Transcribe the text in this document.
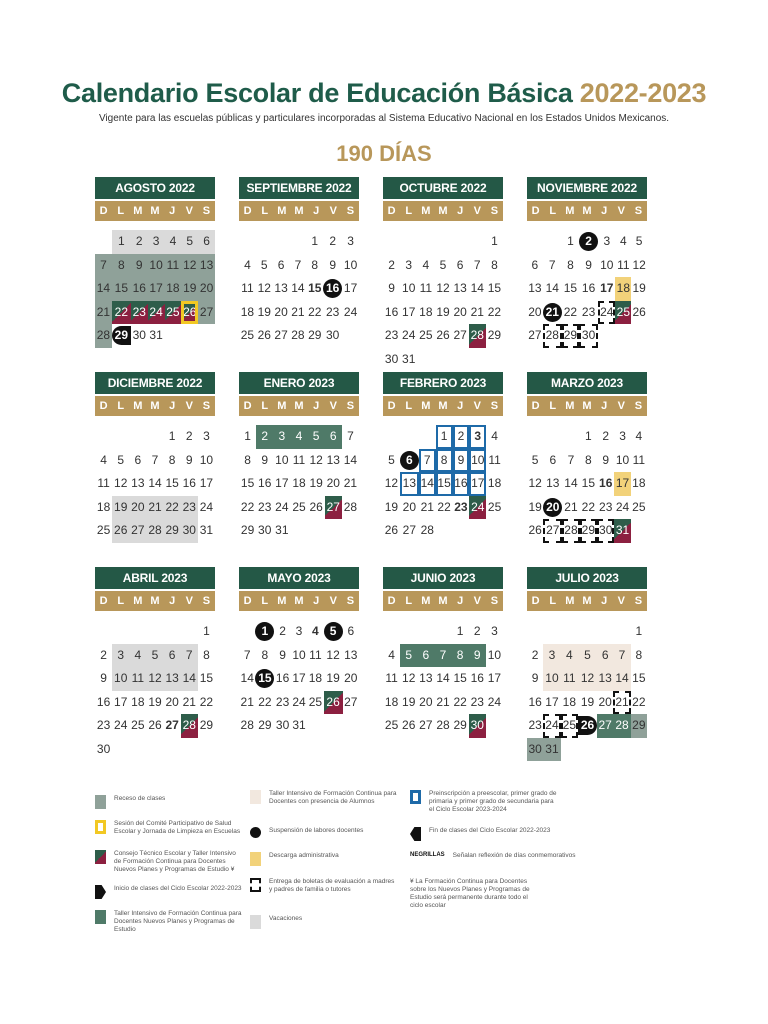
Calendario Escolar de Educación Básica 2022-2023
Vigente para las escuelas públicas y particulares incorporadas al Sistema Educativo Nacional en los Estados Unidos Mexicanos.
190 DÍAS
AGOSTO 2022
D L M M J V S
1 2 3 4 5 6
7 8 9 10 11 12 13
14 15 16 17 18 19 20
21 22 23 24 25 26 27
28 29 30 31
SEPTIEMBRE 2022
D L M M J V S
1 2 3
4 5 6 7 8 9 10
11 12 13 14 15 16 17
18 19 20 21 22 23 24
25 26 27 28 29 30
OCTUBRE 2022
D L M M J V S
1
2 3 4 5 6 7 8
9 10 11 12 13 14 15
16 17 18 19 20 21 22
23 24 25 26 27 28 29
30 31
NOVIEMBRE 2022
D L M M J V S
1 2 3 4 5
6 7 8 9 10 11 12
13 14 15 16 17 18 19
20 21 22 23 24 25 26
27 28 29 30
DICIEMBRE 2022
D L M M J V S
1 2 3
4 5 6 7 8 9 10
11 12 13 14 15 16 17
18 19 20 21 22 23 24
25 26 27 28 29 30 31
ENERO 2023
D L M M J V S
1 2 3 4 5 6 7
8 9 10 11 12 13 14
15 16 17 18 19 20 21
22 23 24 25 26 27 28
29 30 31
FEBRERO 2023
D L M M J V S
1 2 3 4
5 6 7 8 9 10 11
12 13 14 15 16 17 18
19 20 21 22 23 24 25
26 27 28
MARZO 2023
D L M M J V S
1 2 3 4
5 6 7 8 9 10 11
12 13 14 15 16 17 18
19 20 21 22 23 24 25
26 27 28 29 30 31
ABRIL 2023
D L M M J V S
1
2 3 4 5 6 7 8
9 10 11 12 13 14 15
16 17 18 19 20 21 22
23 24 25 26 27 28 29
30
MAYO 2023
D L M M J V S
1 2 3 4 5 6
7 8 9 10 11 12 13
14 15 16 17 18 19 20
21 22 23 24 25 26 27
28 29 30 31
JUNIO 2023
D L M M J V S
1 2 3
4 5 6 7 8 9 10
11 12 13 14 15 16 17
18 19 20 21 22 23 24
25 26 27 28 29 30
JULIO 2023
D L M M J V S
1
2 3 4 5 6 7 8
9 10 11 12 13 14 15
16 17 18 19 20 21 22
23 24 25 26 27 28 29
30 31
Receso de clases
Sesión del Comité Participativo de Salud Escolar y Jornada de Limpieza en Escuelas
Consejo Técnico Escolar y Taller Intensivo de Formación Continua para Docentes Nuevos Planes y Programas de Estudio ¥
Inicio de clases del Ciclo Escolar 2022-2023
Taller Intensivo de Formación Continua para Docentes Nuevos Planes y Programas de Estudio
Taller Intensivo de Formación Continua para Docentes con presencia de Alumnos
Suspensión de labores docentes
Descarga administrativa
Entrega de boletas de evaluación a madres y padres de familia o tutores
Vacaciones
Preinscripción a preescolar, primer grado de primaria y primer grado de secundaria para el Ciclo Escolar 2023-2024
Fin de clases del Ciclo Escolar 2022-2023
NEGRILLAS Señalan reflexión de días conmemorativos
¥ La Formación Continua para Docentes sobre los Nuevos Planes y Programas de Estudio será permanente durante todo el ciclo escolar
